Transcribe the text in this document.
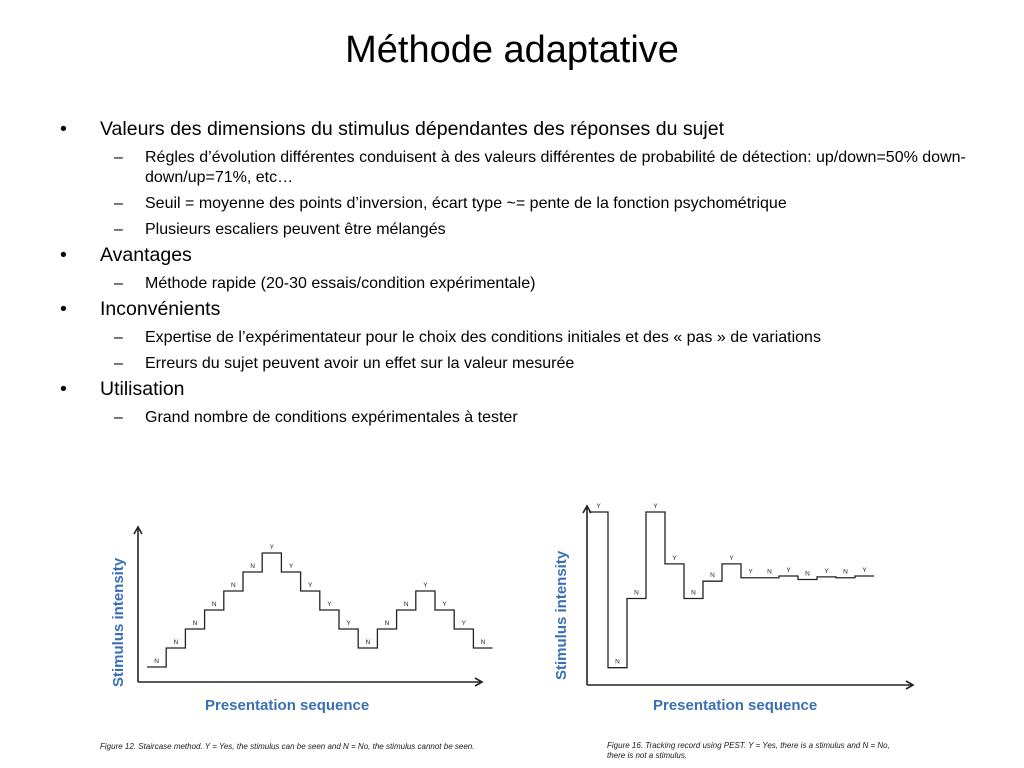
Méthode adaptative
• Valeurs des dimensions du stimulus dépendantes des réponses du sujet
– Régles d’évolution différentes conduisent à des valeurs différentes de probabilité de détection: up/down=50% down-down/up=71%, etc…
– Seuil = moyenne des points d’inversion, écart type ~= pente de la fonction psychométrique
– Plusieurs escaliers peuvent être mélangés
• Avantages
– Méthode rapide (20-30 essais/condition expérimentale)
• Inconvénients
– Expertise de l’expérimentateur pour le choix des conditions initiales et des « pas » de variations
– Erreurs du sujet peuvent avoir un effet sur la valeur mesurée
• Utilisation
– Grand nombre de conditions expérimentales à tester
Stimulus intensity
Presentation sequence
N
N
N
N
N
N
Y
Y
Y
Y
Y
N
N
N
Y
Y
Y
N
Figure 12. Staircase method. Y = Yes, the stimulus can be seen and N = No, the stimulus cannot be seen.
Stimulus intensity
Presentation sequence
Y
N
N
Y
Y
N
N
Y
Y N Y N Y N Y
Figure 16. Tracking record using PEST. Y = Yes, there is a stimulus and N = No, there is not a stimulus.
